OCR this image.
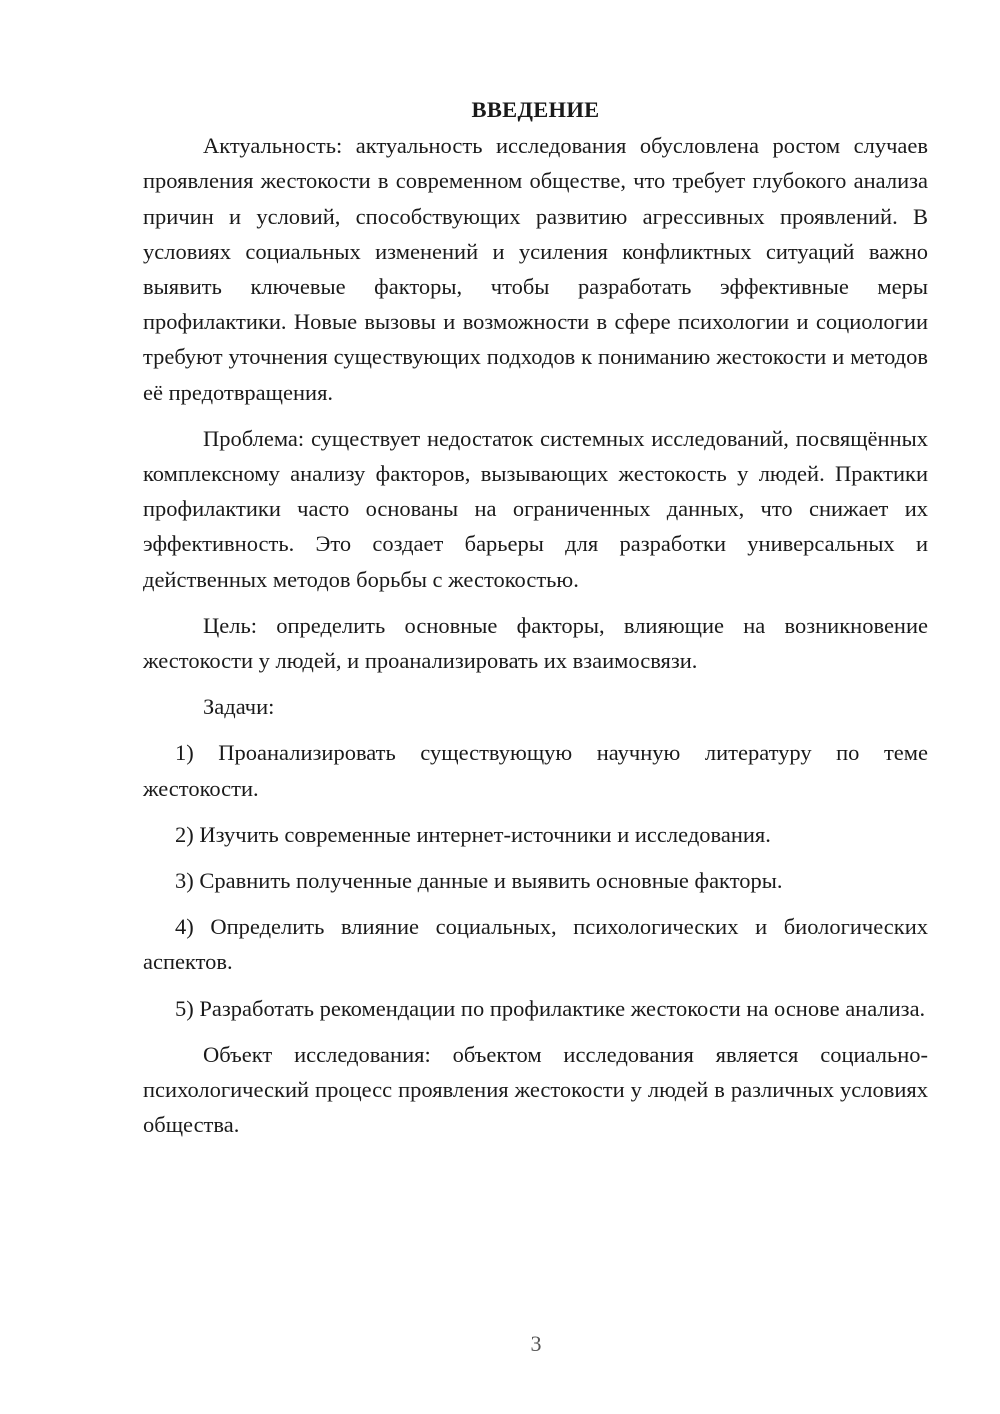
ВВЕДЕНИЕ

Актуальность: актуальность исследования обусловлена ростом случаев проявления жестокости в современном обществе, что требует глубокого анализа причин и условий, способствующих развитию агрессивных проявлений. В условиях социальных изменений и усиления конфликтных ситуаций важно выявить ключевые факторы, чтобы разработать эффективные меры профилактики. Новые вызовы и возможности в сфере психологии и социологии требуют уточнения существующих подходов к пониманию жестокости и методов её предотвращения.

Проблема: существует недостаток системных исследований, посвящённых комплексному анализу факторов, вызывающих жестокость у людей. Практики профилактики часто основаны на ограниченных данных, что снижает их эффективность. Это создает барьеры для разработки универсальных и действенных методов борьбы с жестокостью.

Цель: определить основные факторы, влияющие на возникновение жестокости у людей, и проанализировать их взаимосвязи.

Задачи:

1) Проанализировать существующую научную литературу по теме жестокости.

2) Изучить современные интернет-источники и исследования.

3) Сравнить полученные данные и выявить основные факторы.

4) Определить влияние социальных, психологических и биологических аспектов.

5) Разработать рекомендации по профилактике жестокости на основе анализа.

Объект исследования: объектом исследования является социально-психологический процесс проявления жестокости у людей в различных условиях общества.

3
